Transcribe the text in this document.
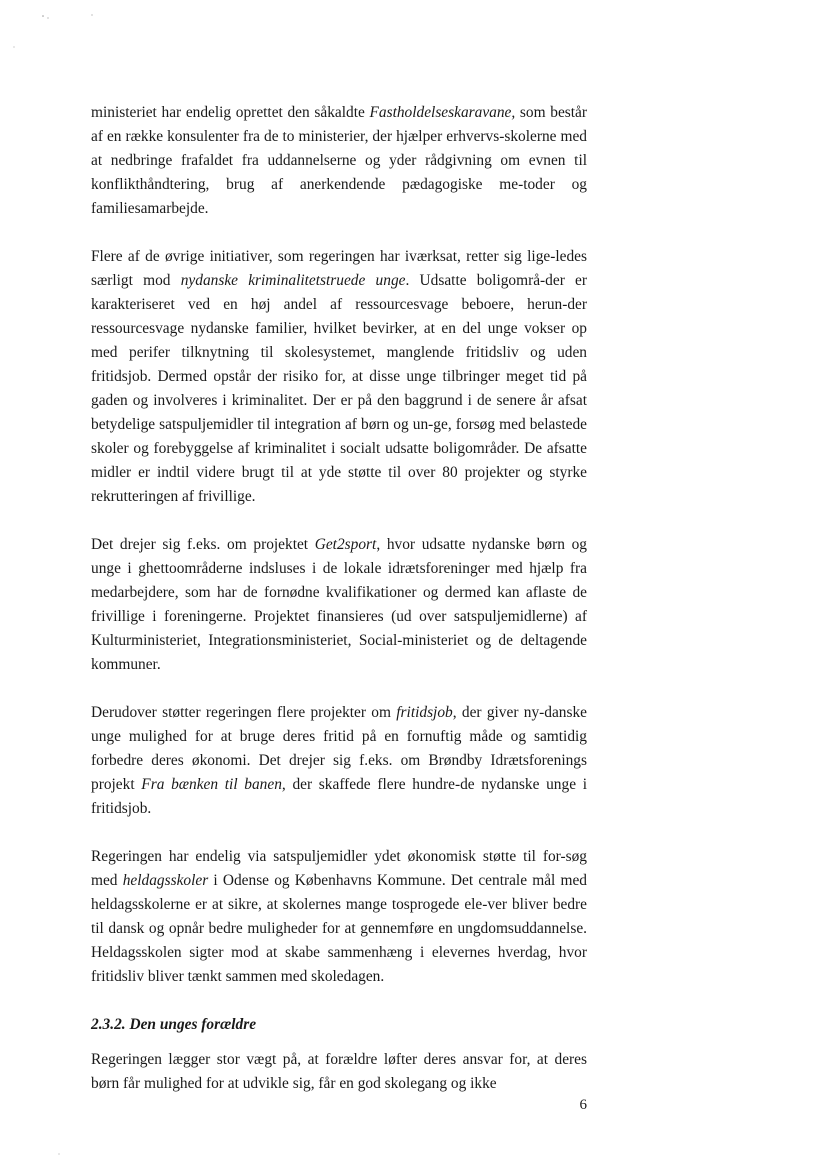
ministeriet har endelig oprettet den såkaldte Fastholdelseskaravane, som består af en række konsulenter fra de to ministerier, der hjælper erhvervs-skolerne med at nedbringe frafaldet fra uddannelserne og yder rådgivning om evnen til konflikthåndtering, brug af anerkendende pædagogiske me-toder og familiesamarbejde.

Flere af de øvrige initiativer, som regeringen har iværksat, retter sig lige-ledes særligt mod nydanske kriminalitetstruede unge. Udsatte boligområ-der er karakteriseret ved en høj andel af ressourcesvage beboere, herun-der ressourcesvage nydanske familier, hvilket bevirker, at en del unge vokser op med perifer tilknytning til skolesystemet, manglende fritidsliv og uden fritidsjob. Dermed opstår der risiko for, at disse unge tilbringer meget tid på gaden og involveres i kriminalitet. Der er på den baggrund i de senere år afsat betydelige satspuljemidler til integration af børn og un-ge, forsøg med belastede skoler og forebyggelse af kriminalitet i socialt udsatte boligområder. De afsatte midler er indtil videre brugt til at yde støtte til over 80 projekter og styrke rekrutteringen af frivillige.

Det drejer sig f.eks. om projektet Get2sport, hvor udsatte nydanske børn og unge i ghettoområderne indsluses i de lokale idrætsforeninger med hjælp fra medarbejdere, som har de fornødne kvalifikationer og dermed kan aflaste de frivillige i foreningerne. Projektet finansieres (ud over satspuljemidlerne) af Kulturministeriet, Integrationsministeriet, Social-ministeriet og de deltagende kommuner.

Derudover støtter regeringen flere projekter om fritidsjob, der giver ny-danske unge mulighed for at bruge deres fritid på en fornuftig måde og samtidig forbedre deres økonomi. Det drejer sig f.eks. om Brøndby Idrætsforenings projekt Fra bænken til banen, der skaffede flere hundre-de nydanske unge i fritidsjob.

Regeringen har endelig via satspuljemidler ydet økonomisk støtte til for-søg med heldagsskoler i Odense og Københavns Kommune. Det centrale mål med heldagsskolerne er at sikre, at skolernes mange tosprogede ele-ver bliver bedre til dansk og opnår bedre muligheder for at gennemføre en ungdomsuddannelse. Heldagsskolen sigter mod at skabe sammenhæng i elevernes hverdag, hvor fritidsliv bliver tænkt sammen med skoledagen.

2.3.2. Den unges forældre

Regeringen lægger stor vægt på, at forældre løfter deres ansvar for, at deres børn får mulighed for at udvikle sig, får en god skolegang og ikke

6
